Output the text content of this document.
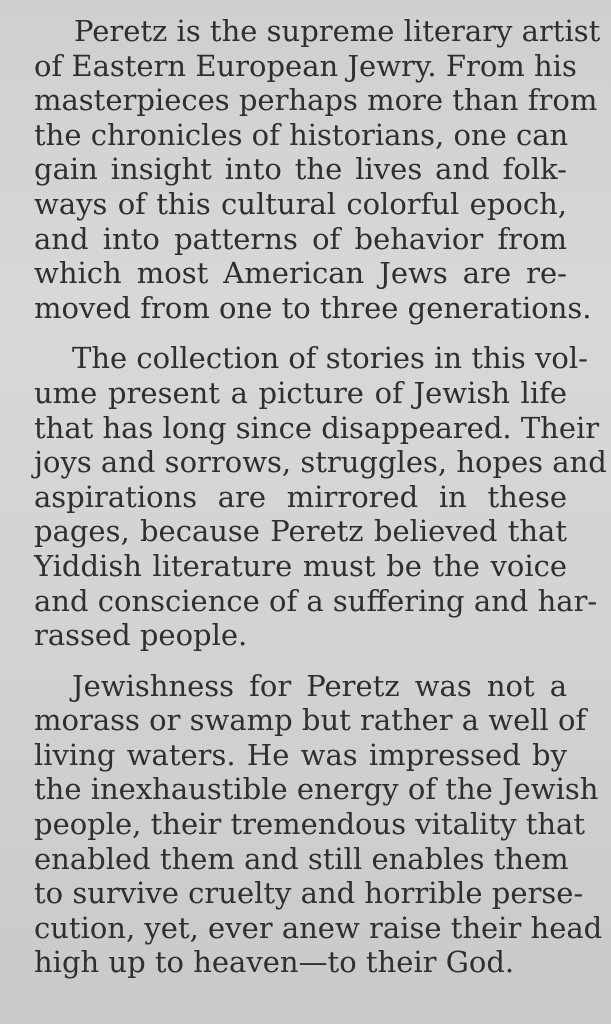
Peretz is the supreme literary artist
of Eastern European Jewry. From his
masterpieces perhaps more than from
the chronicles of historians, one can
gain insight into the lives and folk-
ways of this cultural colorful epoch,
and into patterns of behavior from
which most American Jews are re-
moved from one to three generations.
The collection of stories in this vol-
ume present a picture of Jewish life
that has long since disappeared. Their
joys and sorrows, struggles, hopes and
aspirations are mirrored in these
pages, because Peretz believed that
Yiddish literature must be the voice
and conscience of a suffering and har-
rassed people.
Jewishness for Peretz was not a
morass or swamp but rather a well of
living waters. He was impressed by
the inexhaustible energy of the Jewish
people, their tremendous vitality that
enabled them and still enables them
to survive cruelty and horrible perse-
cution, yet, ever anew raise their head
high up to heaven—to their God.
